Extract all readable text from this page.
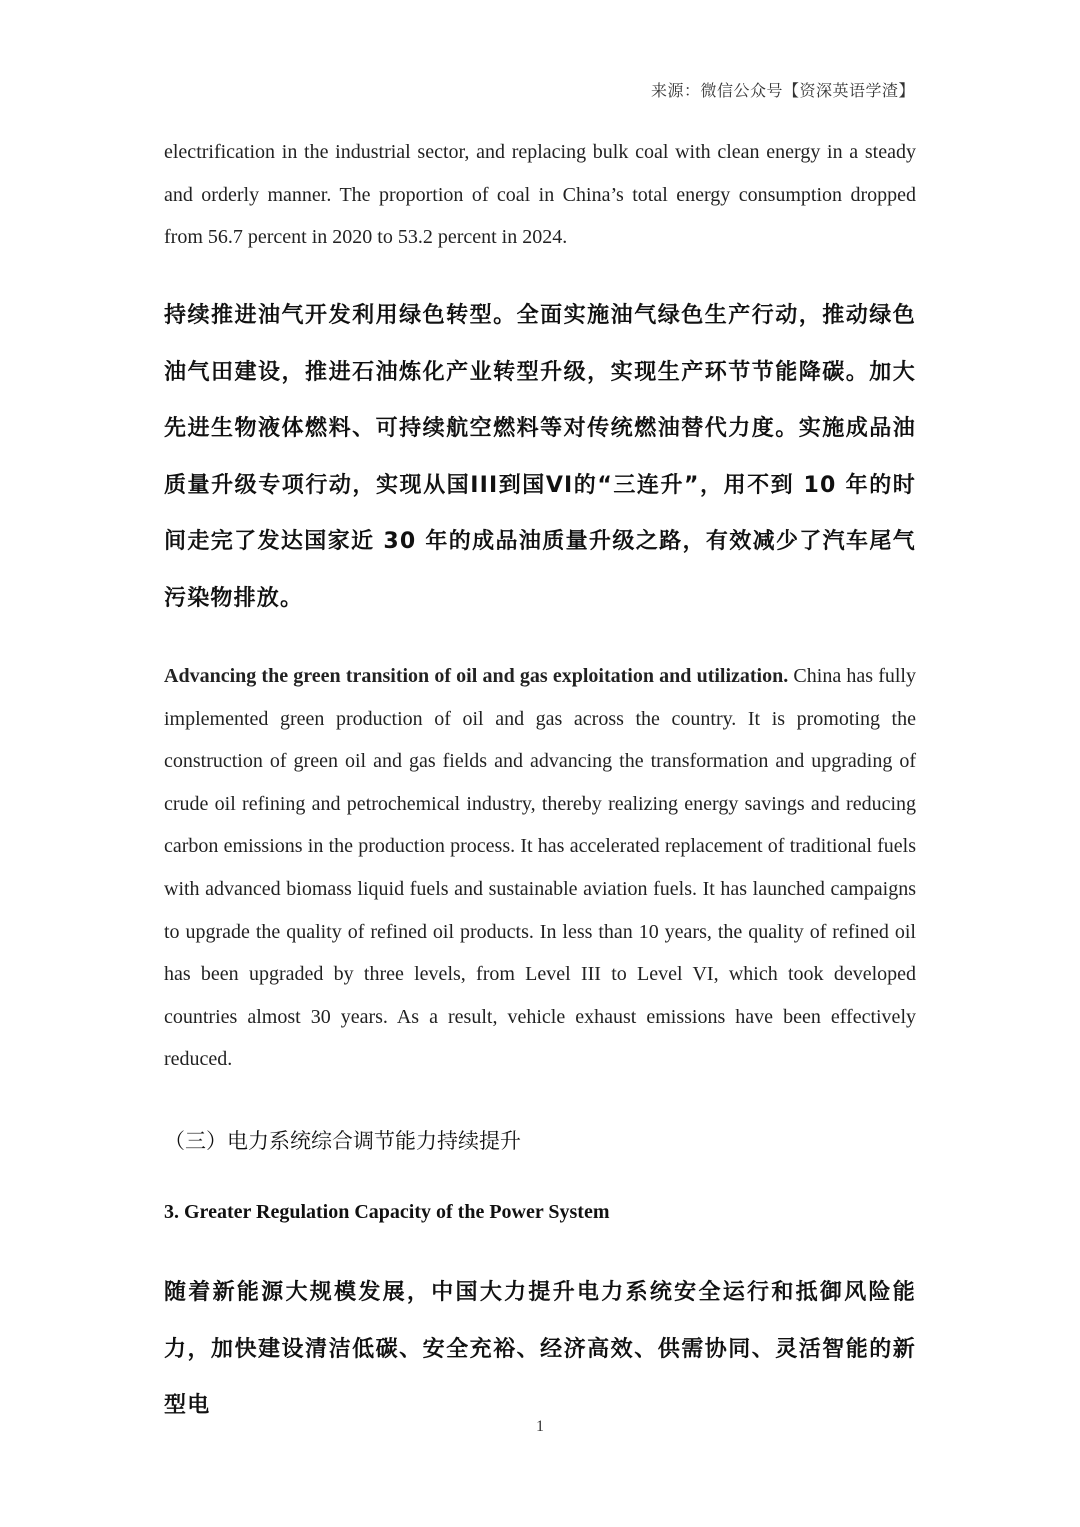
来源：微信公众号【资深英语学渣】

electrification in the industrial sector, and replacing bulk coal with clean energy in a steady and orderly manner. The proportion of coal in China’s total energy consumption dropped from 56.7 percent in 2020 to 53.2 percent in 2024.

持续推进油气开发利用绿色转型。全面实施油气绿色生产行动，推动绿色油气田建设，推进石油炼化产业转型升级，实现生产环节节能降碳。加大先进生物液体燃料、可持续航空燃料等对传统燃油替代力度。实施成品油质量升级专项行动，实现从国III到国VI的“三连升”，用不到 10 年的时间走完了发达国家近 30 年的成品油质量升级之路，有效减少了汽车尾气污染物排放。

Advancing the green transition of oil and gas exploitation and utilization. China has fully implemented green production of oil and gas across the country. It is promoting the construction of green oil and gas fields and advancing the transformation and upgrading of crude oil refining and petrochemical industry, thereby realizing energy savings and reducing carbon emissions in the production process. It has accelerated replacement of traditional fuels with advanced biomass liquid fuels and sustainable aviation fuels. It has launched campaigns to upgrade the quality of refined oil products. In less than 10 years, the quality of refined oil has been upgraded by three levels, from Level III to Level VI, which took developed countries almost 30 years. As a result, vehicle exhaust emissions have been effectively reduced.

（三）电力系统综合调节能力持续提升
3. Greater Regulation Capacity of the Power System

随着新能源大规模发展，中国大力提升电力系统安全运行和抵御风险能力，加快建设清洁低碳、安全充裕、经济高效、供需协同、灵活智能的新型电

1
